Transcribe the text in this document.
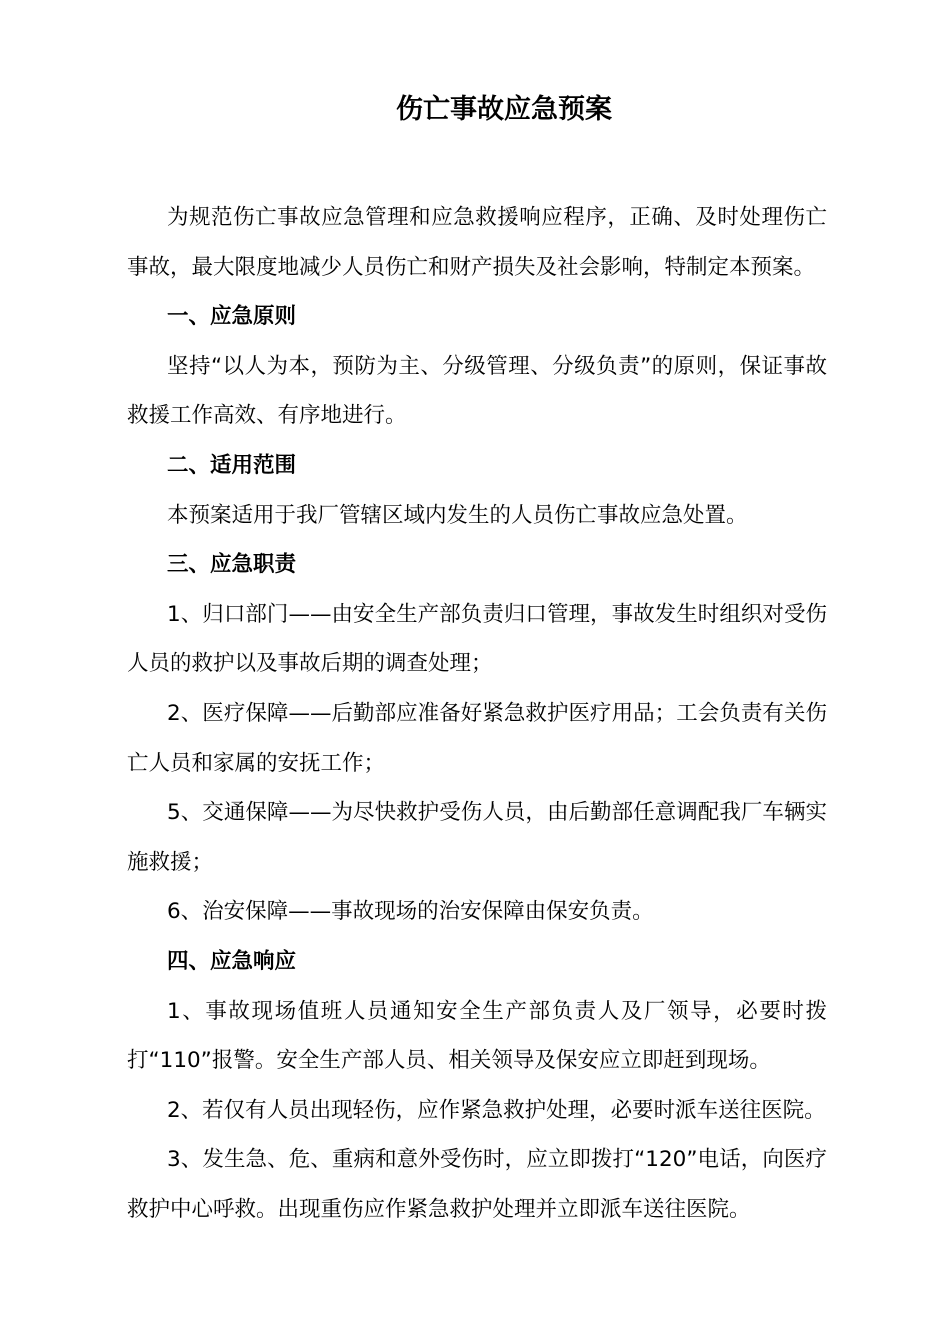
伤亡事故应急预案

为规范伤亡事故应急管理和应急救援响应程序，正确、及时处理伤亡事故，最大限度地减少人员伤亡和财产损失及社会影响，特制定本预案。

一、应急原则

坚持“以人为本，预防为主、分级管理、分级负责”的原则，保证事故救援工作高效、有序地进行。

二、适用范围

本预案适用于我厂管辖区域内发生的人员伤亡事故应急处置。

三、应急职责

1、归口部门——由安全生产部负责归口管理，事故发生时组织对受伤人员的救护以及事故后期的调查处理；

2、医疗保障——后勤部应准备好紧急救护医疗用品；工会负责有关伤亡人员和家属的安抚工作；

5、交通保障——为尽快救护受伤人员，由后勤部任意调配我厂车辆实施救援；

6、治安保障——事故现场的治安保障由保安负责。

四、应急响应

1、事故现场值班人员通知安全生产部负责人及厂领导，必要时拨打“110”报警。安全生产部人员、相关领导及保安应立即赶到现场。

2、若仅有人员出现轻伤，应作紧急救护处理，必要时派车送往医院。

3、发生急、危、重病和意外受伤时，应立即拨打“120”电话，向医疗救护中心呼救。出现重伤应作紧急救护处理并立即派车送往医院。
